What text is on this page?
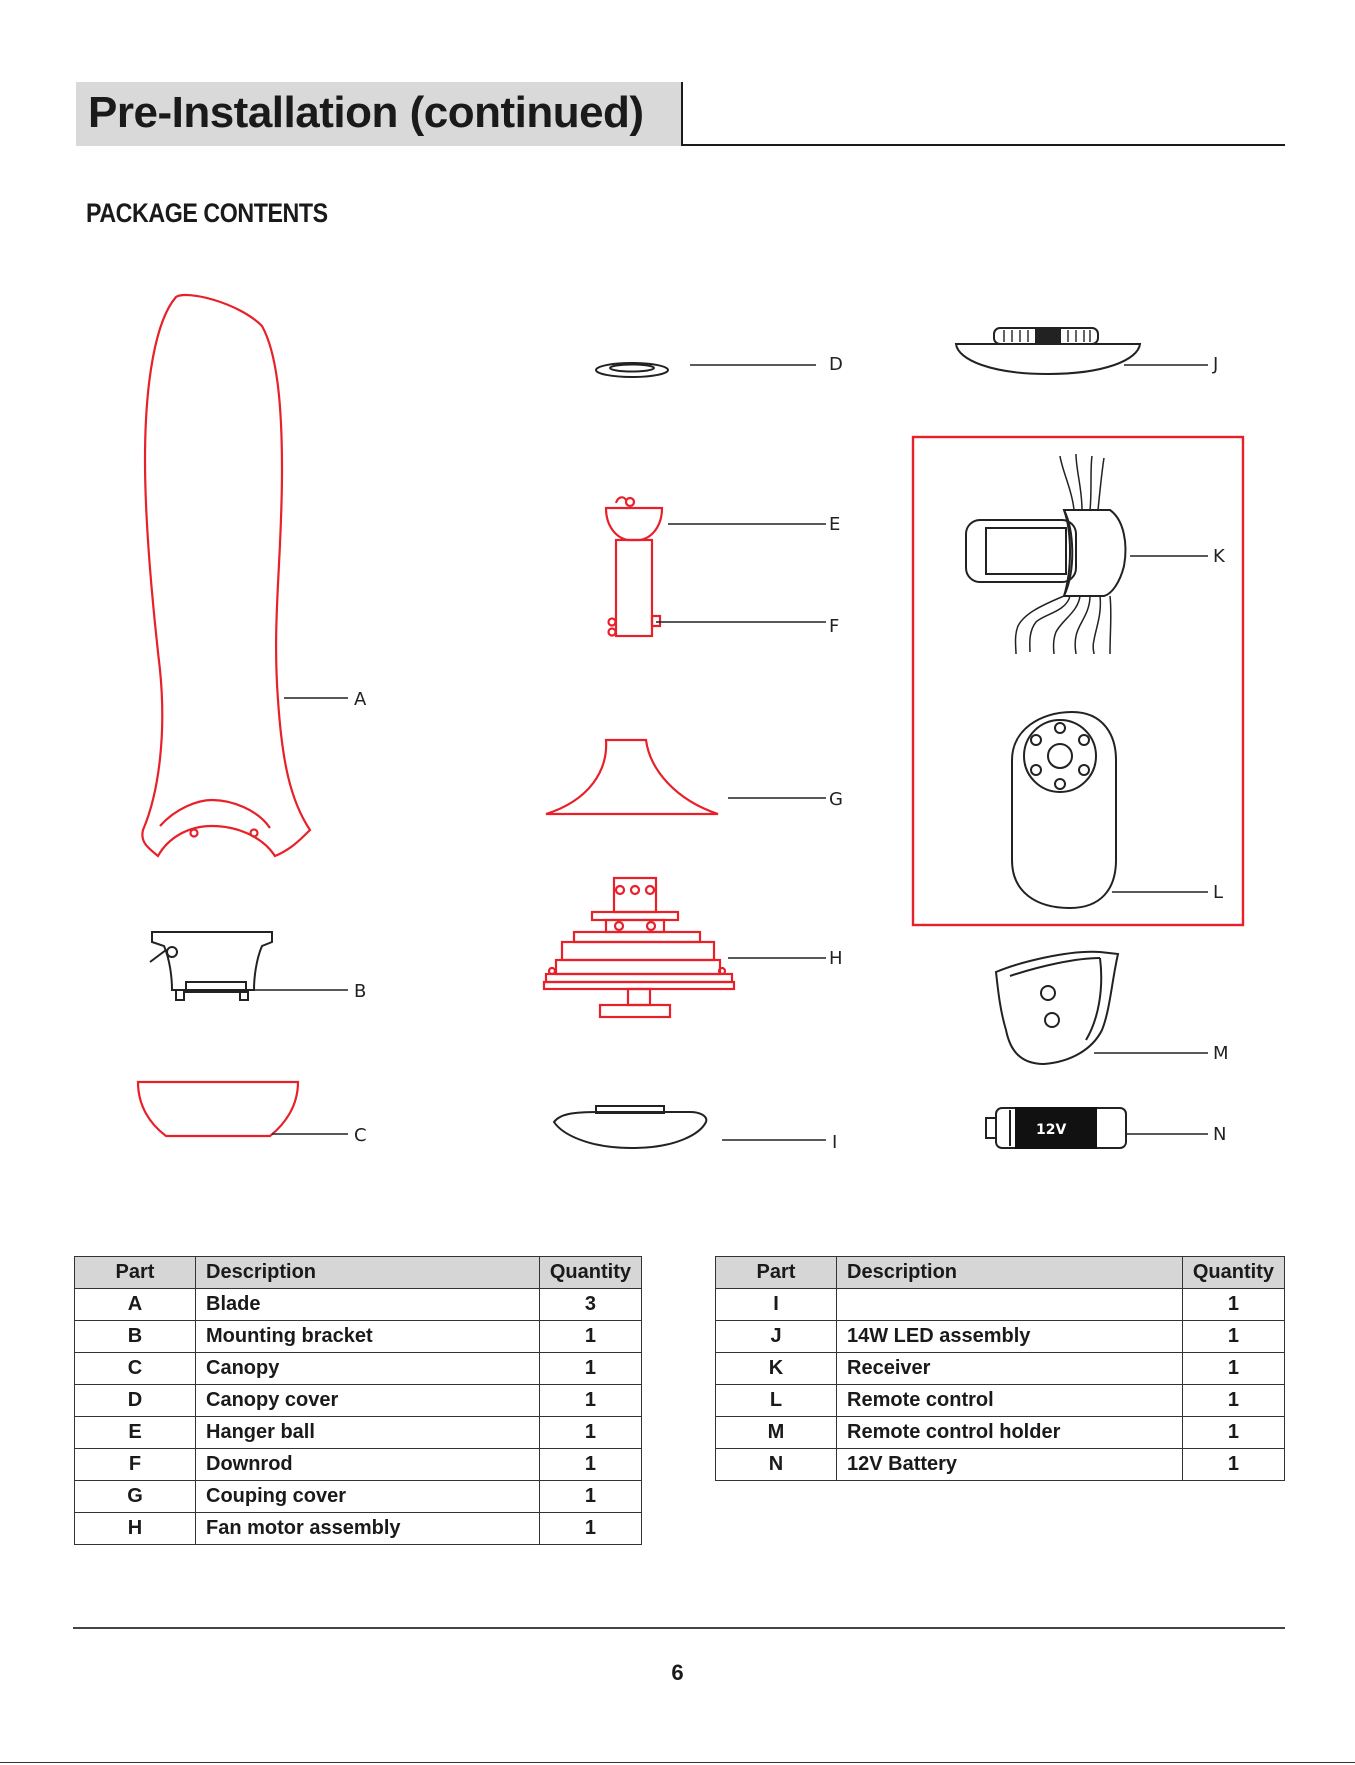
Pre-Installation (continued)
PACKAGE CONTENTS
12V
A
B
C
D
E
F
G
H
I
J
K
L
M
N
Part	Description	Quantity
A	Blade	3
B	Mounting bracket	1
C	Canopy	1
D	Canopy cover	1
E	Hanger ball	1
F	Downrod	1
G	Couping cover	1
H	Fan motor assembly	1
Part	Description	Quantity
I		1
J	14W LED assembly	1
K	Receiver	1
L	Remote control	1
M	Remote control holder	1
N	12V Battery	1
6
